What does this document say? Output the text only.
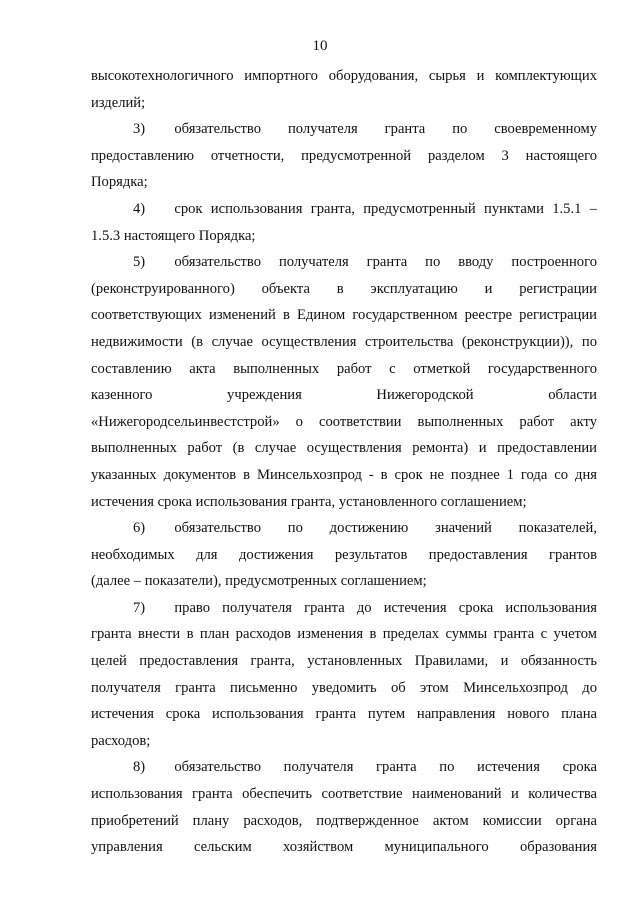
10
высокотехнологичного импортного оборудования, сырья и комплектующих
изделий;
3)  обязательство получателя гранта по своевременному
предоставлению отчетности, предусмотренной разделом 3 настоящего
Порядка;
4)  срок использования гранта, предусмотренный пунктами 1.5.1 –
1.5.3 настоящего Порядка;
5)  обязательство получателя гранта по вводу построенного
(реконструированного) объекта в эксплуатацию и регистрации
соответствующих изменений в Едином государственном реестре регистрации
недвижимости (в случае осуществления строительства (реконструкции)), по
составлению акта выполненных работ с отметкой государственного
казенного учреждения Нижегородской области
«Нижегородсельинвестстрой» о соответствии выполненных работ акту
выполненных работ (в случае осуществления ремонта) и предоставлении
указанных документов в Минсельхозпрод - в срок не позднее 1 года со дня
истечения срока использования гранта, установленного соглашением;
6)  обязательство по достижению значений показателей,
необходимых для достижения результатов предоставления грантов
(далее – показатели), предусмотренных соглашением;
7)  право получателя гранта до истечения срока использования
гранта внести в план расходов изменения в пределах суммы гранта с учетом
целей предоставления гранта, установленных Правилами, и обязанность
получателя гранта письменно уведомить об этом Минсельхозпрод до
истечения срока использования гранта путем направления нового плана
расходов;
8)  обязательство получателя гранта по истечения срока
использования гранта обеспечить соответствие наименований и количества
приобретений плану расходов, подтвержденное актом комиссии органа
управления сельским хозяйством муниципального образования
